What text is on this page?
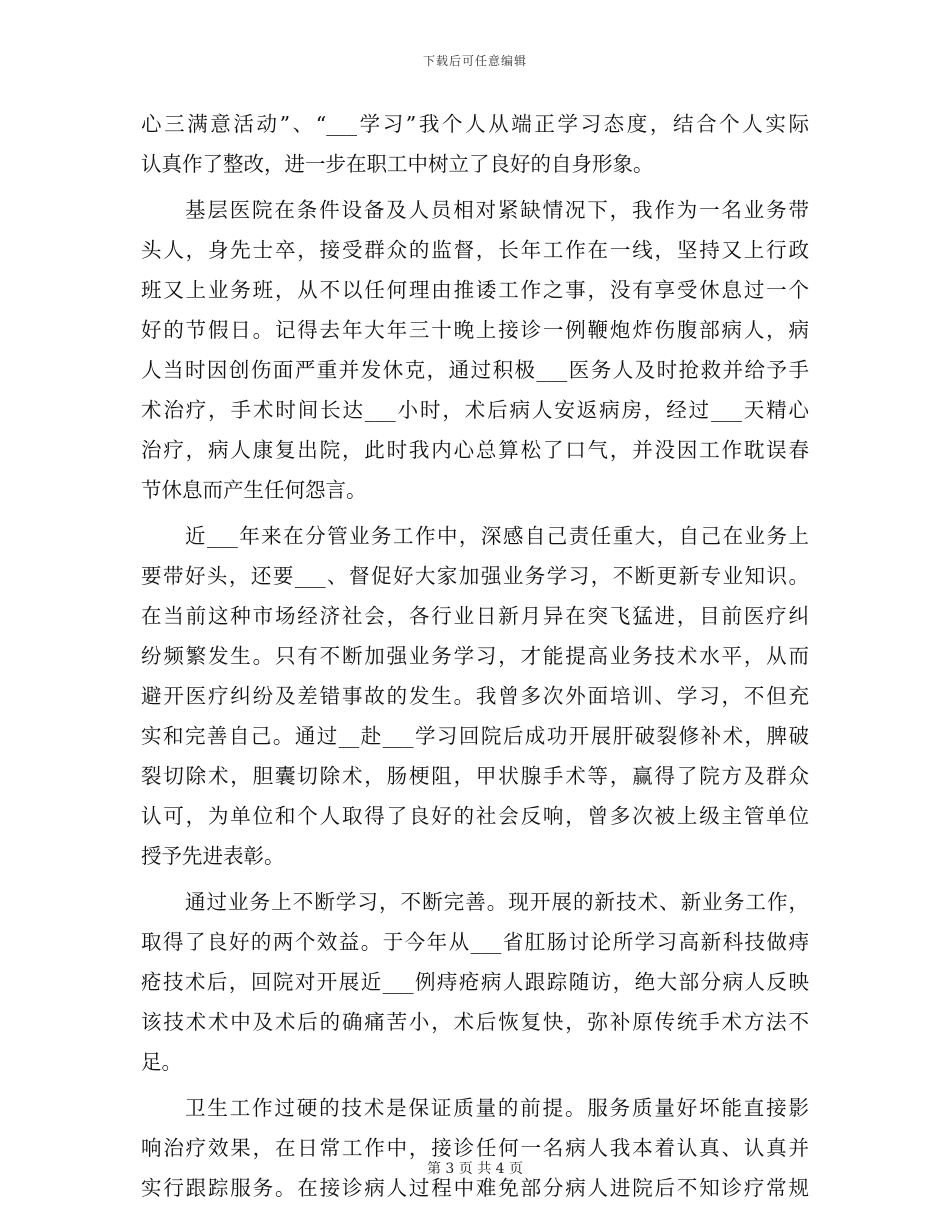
下载后可任意编辑
心三满意活动”、“___学习”我个人从端正学习态度，结合个人实际
认真作了整改，进一步在职工中树立了良好的自身形象。
基层医院在条件设备及人员相对紧缺情况下，我作为一名业务带
头人，身先士卒，接受群众的监督，长年工作在一线，坚持又上行政
班又上业务班，从不以任何理由推诿工作之事，没有享受休息过一个
好的节假日。记得去年大年三十晚上接诊一例鞭炮炸伤腹部病人，病
人当时因创伤面严重并发休克，通过积极___医务人及时抢救并给予手
术治疗，手术时间长达___小时，术后病人安返病房，经过___天精心
治疗，病人康复出院，此时我内心总算松了口气，并没因工作耽误春
节休息而产生任何怨言。
近___年来在分管业务工作中，深感自己责任重大，自己在业务上
要带好头，还要___、督促好大家加强业务学习，不断更新专业知识。
在当前这种市场经济社会，各行业日新月异在突飞猛进，目前医疗纠
纷频繁发生。只有不断加强业务学习，才能提高业务技术水平，从而
避开医疗纠纷及差错事故的发生。我曾多次外面培训、学习，不但充
实和完善自己。通过__赴___学习回院后成功开展肝破裂修补术，脾破
裂切除术，胆囊切除术，肠梗阻，甲状腺手术等，赢得了院方及群众
认可，为单位和个人取得了良好的社会反响，曾多次被上级主管单位
授予先进表彰。
通过业务上不断学习，不断完善。现开展的新技术、新业务工作，
取得了良好的两个效益。于今年从___省肛肠讨论所学习高新科技做痔
疮技术后，回院对开展近___例痔疮病人跟踪随访，绝大部分病人反映
该技术术中及术后的确痛苦小，术后恢复快，弥补原传统手术方法不
足。
卫生工作过硬的技术是保证质量的前提。服务质量好坏能直接影
响治疗效果，在日常工作中，接诊任何一名病人我本着认真、认真并
实行跟踪服务。在接诊病人过程中难免部分病人进院后不知诊疗常规
第 3 页 共 4 页
